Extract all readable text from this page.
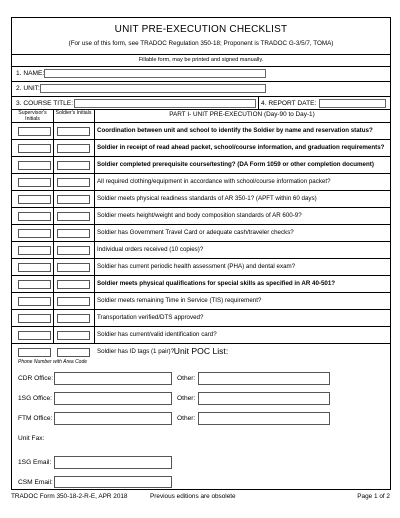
UNIT PRE-EXECUTION CHECKLIST
(For use of this form, see TRADOC Regulation 350-18; Proponent is TRADOC G-3/5/7, TOMA)
Fillable form, may be printed and signed manually.
1. NAME:
2. UNIT:
3. COURSE TITLE:	4. REPORT DATE:
Supervisor's Initials
Soldier's Initials	PART I- UNIT PRE-EXECUTION (Day-90 to Day-1)
Coordination between unit and school to identify the Soldier by name and reservation status?
Soldier in receipt of read ahead packet, school/course information, and graduation requirements?
Soldier completed prerequisite course/testing? (DA Form 1059 or other completion document)
All required clothing/equipment in accordance with school/course information packet?
Soldier meets physical readiness standards of AR 350-1? (APFT within 60 days)
Soldier meets height/weight and body composition standards of AR 600-9?
Soldier has Government Travel Card or adequate cash/traveler checks?
Individual orders received (10 copies)?
Soldier has current periodic health assessment (PHA) and dental exam?
Soldier meets physical qualifications for special skills as specified in AR 40-501?
Soldier meets remaining Time in Service (TIS) requirement?
Transportation verified/DTS approved?
Soldier has current/valid identification card?
Soldier has ID tags (1 pair)? Unit POC List:
Phone Number with Area Code
CDR Office:	Other:
1SG Office:	Other:
FTM Office:	Other:
Unit Fax:
1SG Email:
CSM Email:
TRADOC Form 350-18-2-R-E, APR 2018	Previous editions are obsolete	Page 1 of 2
